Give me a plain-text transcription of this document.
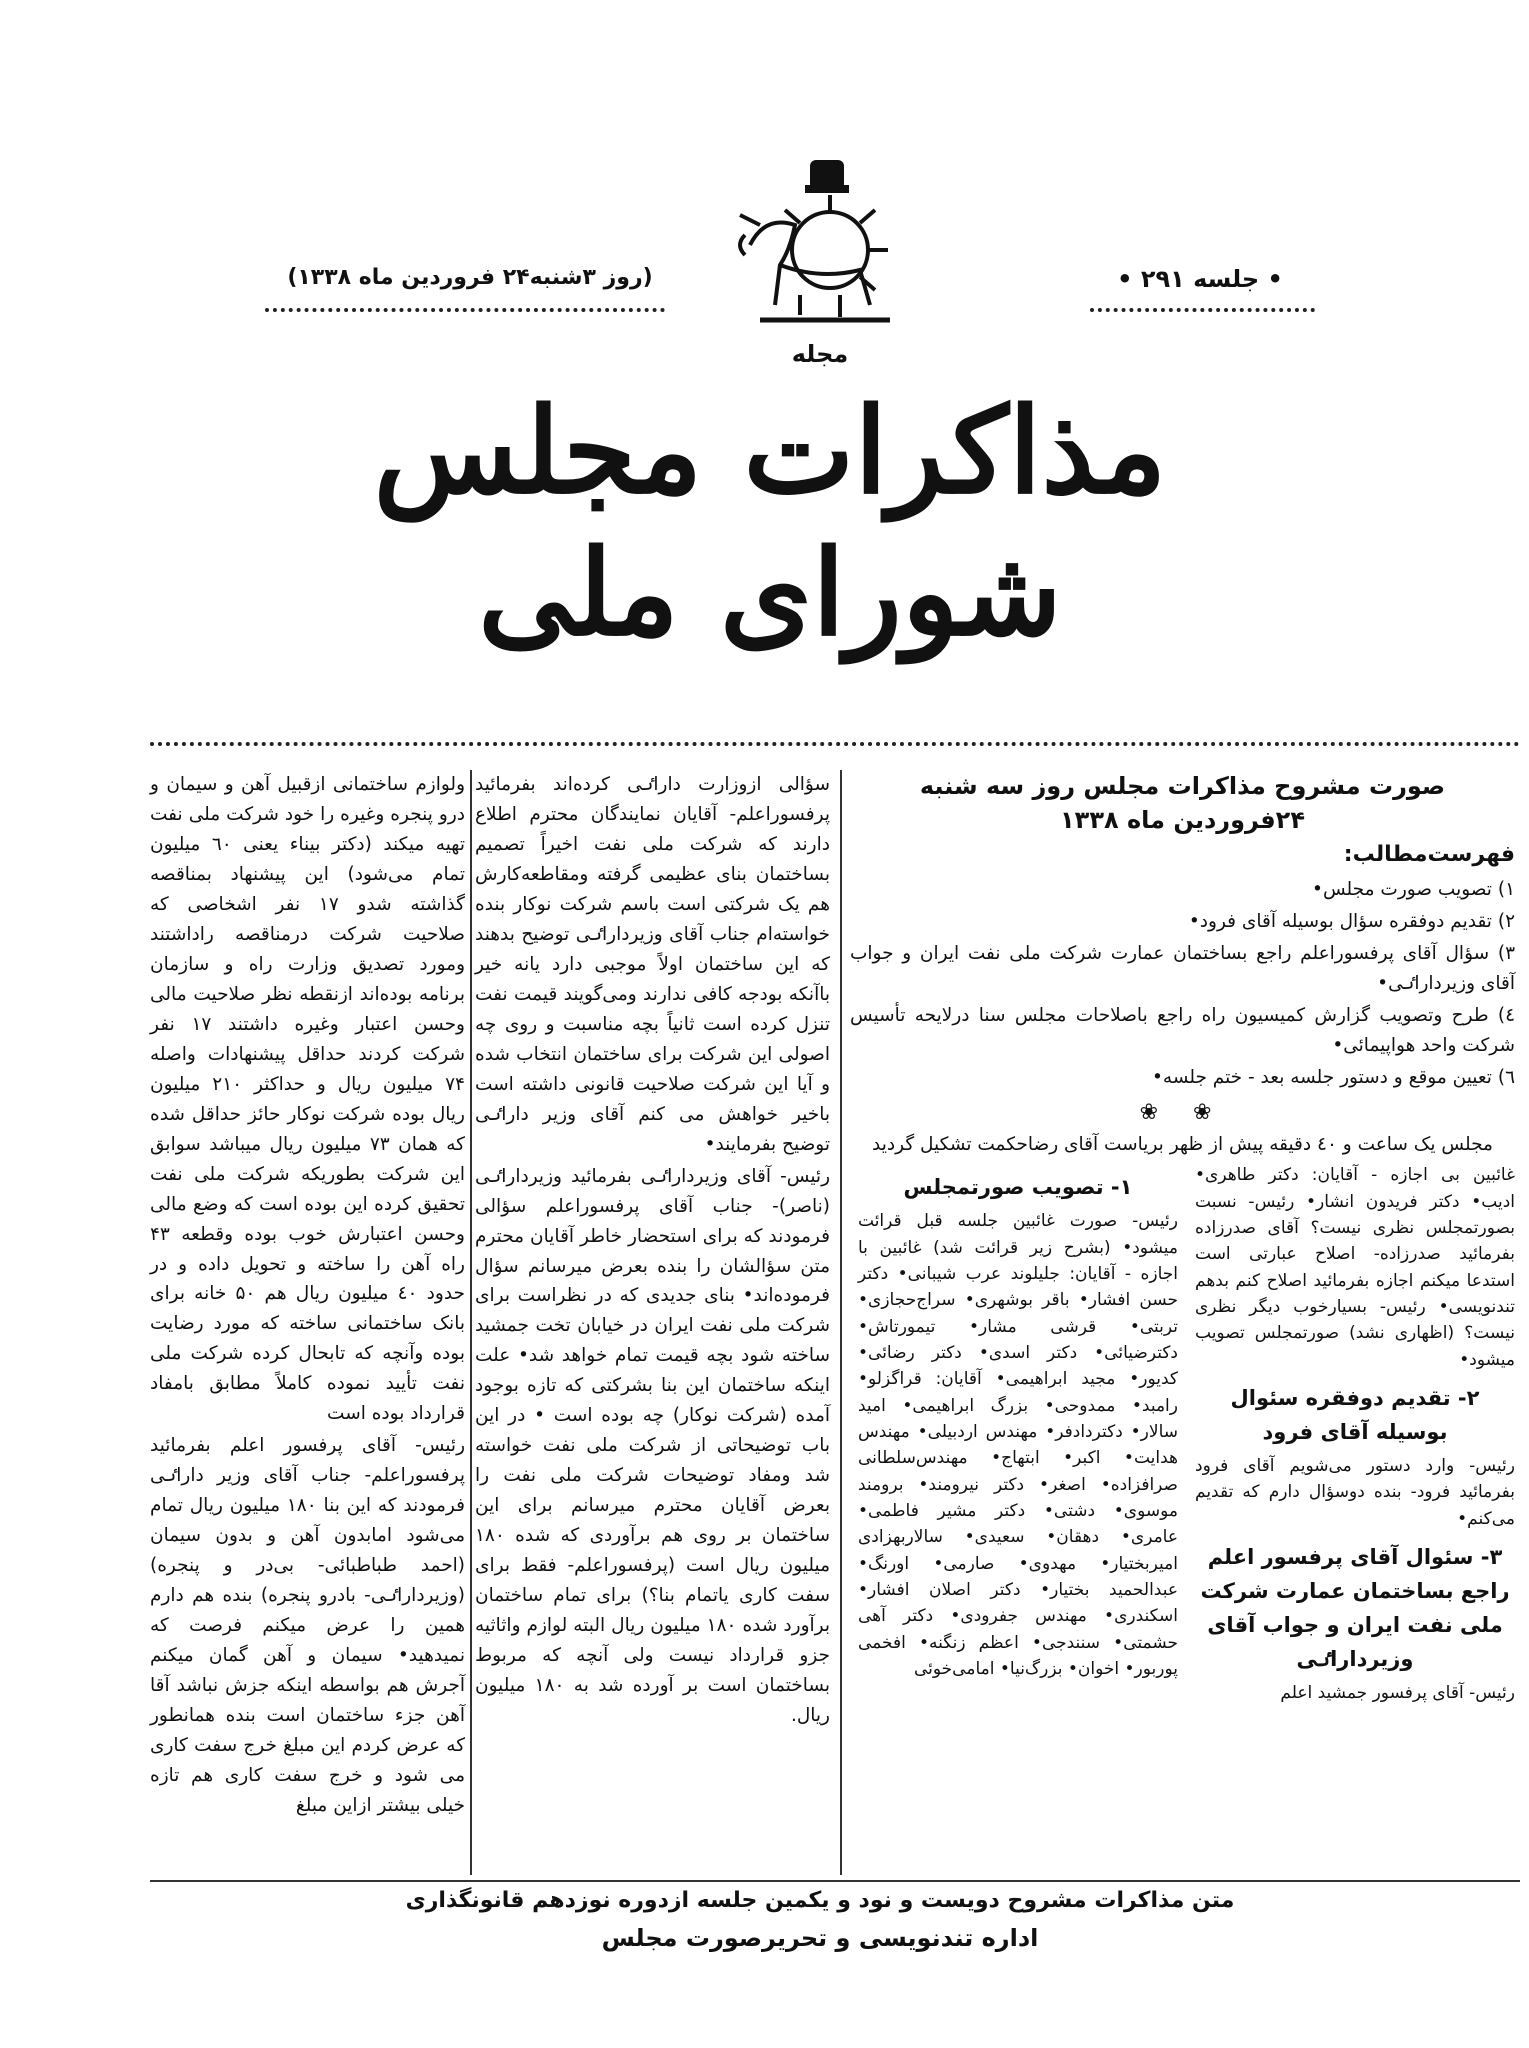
• جلسه ۲۹۱ •
(روز ۳شنبه۲۴ فروردین ماه ۱۳۳۸)
مجله
مذاکرات مجلس شورای ملی
صورت مشروح مذاکرات مجلس روز سه شنبه ۲۴فروردین ماه ۱۳۳۸

فهرست‌مطالب:

۱) تصویب صورت مجلس•

۲) تقدیم دوفقره سؤال بوسیله آقای فرود•

۳) سؤال آقای پرفسوراعلم راجع بساختمان عمارت شرکت ملی نفت ایران و جواب آقای وزیرداراٸی•

٤) طرح وتصویب گزارش کمیسیون راه راجع باصلاحات مجلس سنا درلایحه تأسیس شرکت واحد هواپیمائی•

٦) تعیین موقع و دستور جلسه بعد - ختم جلسه•

❀ ❀

مجلس یک ساعت و ٤۰ دقیقه پیش از ظهر بریاست آقای رضاحکمت تشکیل گردید

۱- تصویب صورتمجلس

رئیس- صورت غائبین جلسه قبل قرائت میشود• (بشرح زیر قرائت شد) غائبین با اجازه - آقایان: جلیلوند عرب شیبانی• دکتر حسن افشار• باقر بوشهری• سراج‌حجازی• تربتی• قرشی مشار• تیمورتاش• دکترضیائی• دکتر اسدی• دکتر رضائی• کدیور• مجید ابراهیمی• آقایان: قراگزلو• رامبد• ممدوحی• بزرگ ابراهیمی• امید سالار• دکتردادفر• مهندس اردبیلی• مهندس هدایت• اکبر• ابتهاج• مهندس‌سلطانی صرافزاده• اصغر• دکتر نیرومند• برومند موسوی• دشتی• دکتر مشیر فاطمی• عامری• دهقان• سعیدی• سالاربهزادی امیربختیار• مهدوی• صارمی• اورنگ• عبدالحمید بختیار• دکتر اصلان افشار• اسکندری• مهندس جفرودی• دکتر آهی حشمتی• سنندجی• اعظم زنگنه• افخمی پوربور• اخوان• بزرگ‌نیا• امامی‌خوئی

غائبین بی اجازه - آقایان: دکتر طاهری• ادیب• دکتر فریدون انشار• رئیس- نسبت بصورتمجلس نظری نیست؟ آقای صدرزاده بفرمائید صدرزاده- اصلاح عبارتی است استدعا میکنم اجازه بفرمائید اصلاح کنم بدهم تندنویسی• رئیس- بسیارخوب دیگر نظری نیست؟ (اظهاری نشد) صورتمجلس تصویب میشود•

۲- تقدیم دوفقره سئوال بوسیله آقای فرود

رئیس- وارد دستور می‌شویم آقای فرود بفرمائید فرود- بنده دوسؤال دارم که تقدیم می‌کنم•

۳- سئوال آقای پرفسور اعلم راجع بساختمان عمارت شرکت ملی نفت ایران و جواب آقای وزیرداراٸی

رئیس- آقای پرفسور جمشید اعلم

سؤالی ازوزارت داراٸی کرده‌اند بفرمائید پرفسوراعلم- آقایان نمایندگان محترم اطلاع دارند که شرکت ملی نفت اخیراً تصمیم بساختمان بنای عظیمی گرفته ومقاطعه‌کارش هم یک شرکتی است باسم شرکت نوکار بنده خواسته‌ام جناب آقای وزیرداراٸی توضیح بدهند که این ساختمان اولاً موجبی دارد یانه خیر باآنکه بودجه کافی ندارند ومی‌گویند قیمت نفت تنزل کرده است ثانیاً بچه مناسبت و روی چه اصولی این شرکت برای ساختمان انتخاب شده و آیا این شرکت صلاحیت قانونی داشته است باخیر خواهش می کنم آقای وزیر داراٸی توضیح بفرمایند•

رئیس- آقای وزیرداراٸی بفرمائید وزیرداراٸی (ناصر)- جناب آقای پرفسوراعلم سؤالی فرمودند که برای استحضار خاطر آقایان محترم متن سؤالشان را بنده بعرض میرسانم سؤال فرموده‌اند• بنای جدیدی که در نظراست برای شرکت ملی نفت ایران در خیابان تخت جمشید ساخته شود بچه قیمت تمام خواهد شد• علت اینکه ساختمان این بنا بشرکتی که تازه بوجود آمده (شرکت نوکار) چه بوده است • در این باب توضیحاتی از شرکت ملی نفت خواسته شد ومفاد توضیحات شرکت ملی نفت را بعرض آقایان محترم میرسانم برای این ساختمان بر روی هم برآوردی که شده ۱۸۰ میلیون ریال است (پرفسوراعلم- فقط برای سفت کاری یاتمام بنا؟) برای تمام ساختمان برآورد شده ۱۸۰ میلیون ریال البته لوازم واثاثیه جزو قرارداد نیست ولی آنچه که مربوط بساختمان است بر آورده شد به ۱۸۰ میلیون ریال.

ولوازم ساختمانی ازقبیل آهن و سیمان و درو پنجره وغیره را خود شرکت ملی نفت تهیه میکند (دکتر بیناء یعنی ٦۰ میلیون تمام می‌شود) این پیشنهاد بمناقصه گذاشته شدو ۱۷ نفر اشخاصی که صلاحیت شرکت درمناقصه راداشتند ومورد تصدیق وزارت راه و سازمان برنامه بوده‌اند ازنقطه نظر صلاحیت مالی وحسن اعتبار وغیره داشتند ۱۷ نفر شرکت کردند حداقل پیشنهادات واصله ۷۴ میلیون ریال و حداکثر ۲۱۰ میلیون ریال بوده شرکت نوکار حائز حداقل شده که همان ۷۳ میلیون ریال میباشد سوابق این شرکت بطوریکه شرکت ملی نفت تحقیق کرده این بوده است که وضع مالی وحسن اعتبارش خوب بوده وقطعه ۴۳ راه آهن را ساخته و تحویل داده و در حدود ٤۰ میلیون ریال هم ۵۰ خانه برای بانک ساختمانی ساخته که مورد رضایت بوده وآنچه که تابحال کرده شرکت ملی نفت تأیید نموده کاملاً مطابق بامفاد قرارداد بوده است

رئیس- آقای پرفسور اعلم بفرمائید پرفسوراعلم- جناب آقای وزیر داراٸی فرمودند که این بنا ۱۸۰ میلیون ریال تمام می‌شود امابدون آهن و بدون سیمان (احمد طباطبائی- بی‌در و پنجره) (وزیرداراٸی- بادرو پنجره) بنده هم دارم همین را عرض میکنم فرصت که نمیدهید• سیمان و آهن گمان میکنم آجرش هم بواسطه اینکه جزش نباشد آقا آهن جزء ساختمان است بنده همانطور که عرض کردم این مبلغ خرج سفت کاری می شود و خرج سفت کاری هم تازه خیلی بیشتر ازاین مبلغ

متن مذاکرات مشروح دویست و نود و یکمین جلسه ازدوره نوزدهم قانونگذاری
اداره تندنویسی و تحریرصورت مجلس
